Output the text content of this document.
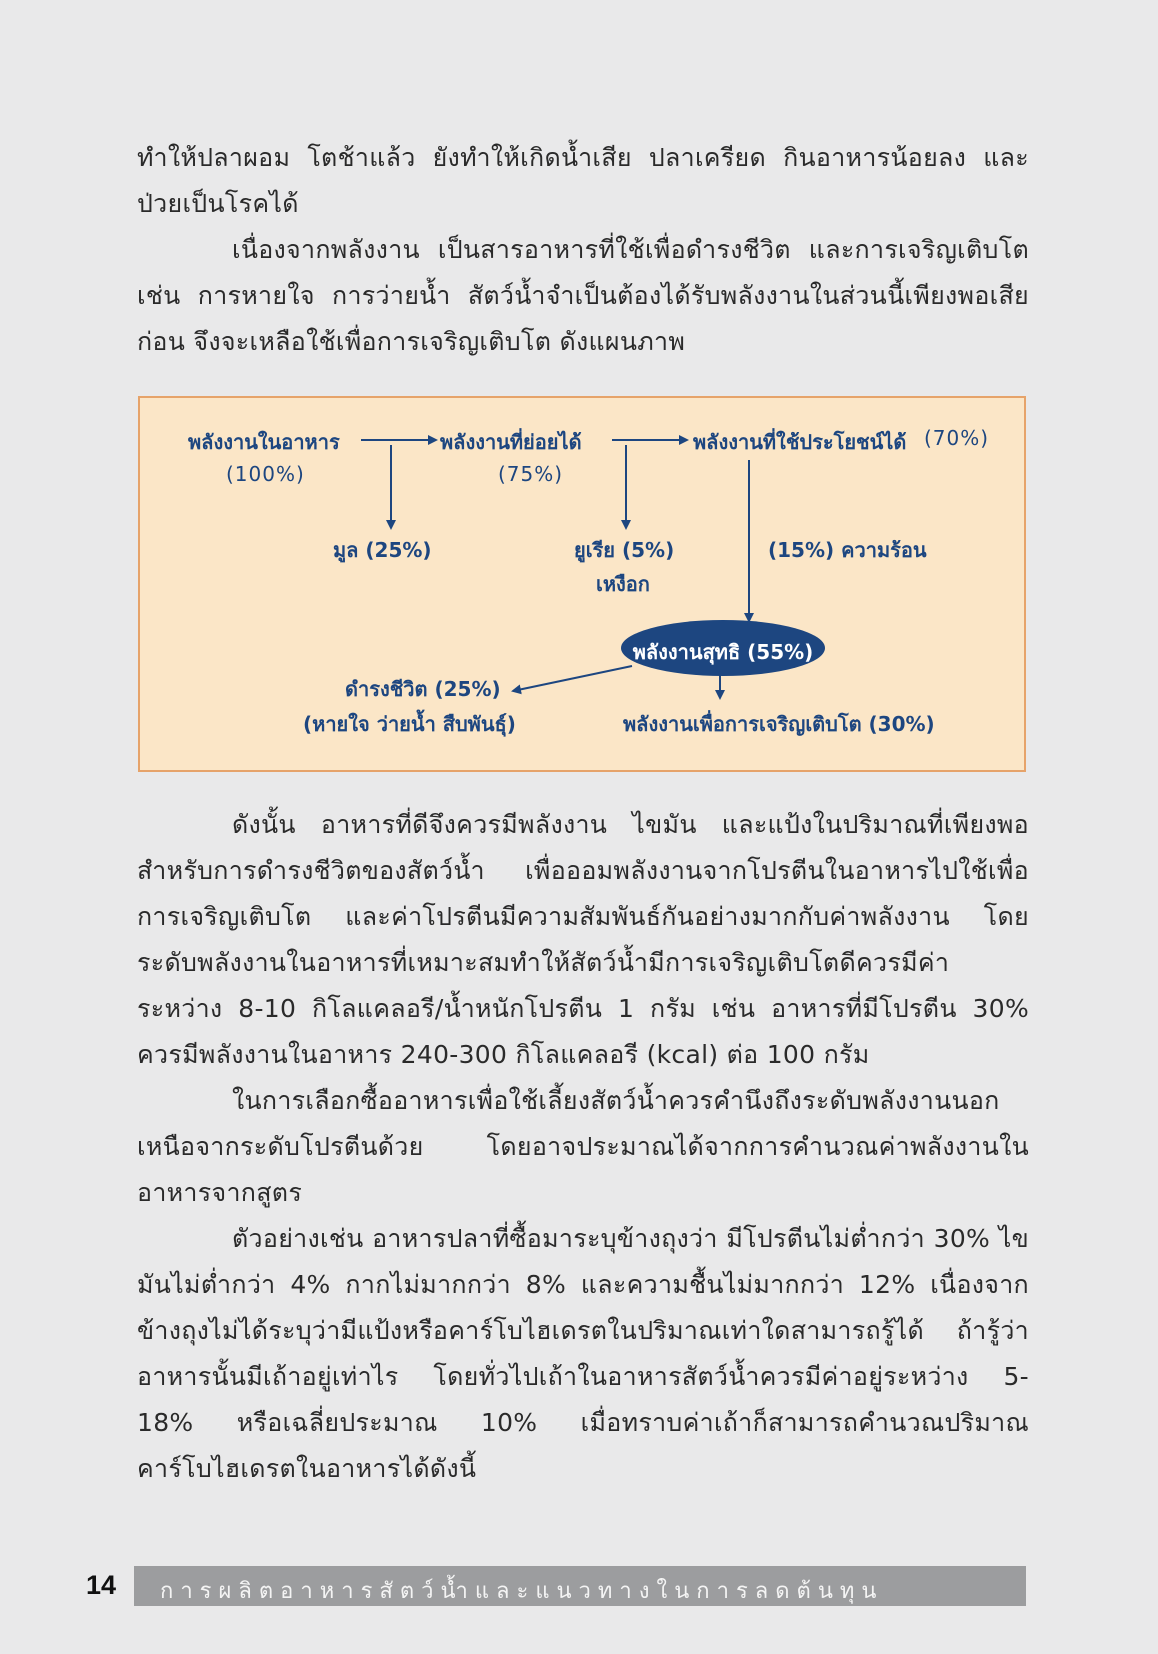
ทำให้ปลาผอม โตช้าแล้ว ยังทำให้เกิดน้ำเสีย ปลาเครียด กินอาหารน้อยลง และป่วยเป็นโรคได้

เนื่องจากพลังงาน เป็นสารอาหารที่ใช้เพื่อดำรงชีวิต และการเจริญเติบโต เช่น การหายใจ การว่ายน้ำ สัตว์น้ำจำเป็นต้องได้รับพลังงานในส่วนนี้เพียงพอเสียก่อน จึงจะเหลือใช้เพื่อการเจริญเติบโต ดังแผนภาพ

พลังงานในอาหาร
(100%)
พลังงานที่ย่อยได้
(75%)
พลังงานที่ใช้ประโยชน์ได้ (70%)
มูล (25%)	ยูเรีย (5%)
เหงือก
(15%) ความร้อน
พลังงานสุทธิ (55%)
ดำรงชีวิต (25%)
(หายใจ ว่ายน้ำ สืบพันธุ์)	พลังงานเพื่อการเจริญเติบโต (30%)

ดังนั้น อาหารที่ดีจึงควรมีพลังงาน ไขมัน และแป้งในปริมาณที่เพียงพอสำหรับการดำรงชีวิตของสัตว์น้ำ เพื่อออมพลังงานจากโปรตีนในอาหารไปใช้เพื่อการเจริญเติบโต และค่าโปรตีนมีความสัมพันธ์กันอย่างมากกับค่าพลังงาน โดยระดับพลังงานในอาหารที่เหมาะสมทำให้สัตว์น้ำมีการเจริญเติบโตดีควรมีค่าระหว่าง 8-10 กิโลแคลอรี/น้ำหนักโปรตีน 1 กรัม เช่น อาหารที่มีโปรตีน 30% ควรมีพลังงานในอาหาร 240-300 กิโลแคลอรี (kcal) ต่อ 100 กรัม

ในการเลือกซื้ออาหารเพื่อใช้เลี้ยงสัตว์น้ำควรคำนึงถึงระดับพลังงานนอกเหนือจากระดับโปรตีนด้วย โดยอาจประมาณได้จากการคำนวณค่าพลังงานในอาหารจากสูตร

ตัวอย่างเช่น อาหารปลาที่ซื้อมาระบุข้างถุงว่า มีโปรตีนไม่ต่ำกว่า 30% ไขมันไม่ต่ำกว่า 4% กากไม่มากกว่า 8% และความชื้นไม่มากกว่า 12% เนื่องจากข้างถุงไม่ได้ระบุว่ามีแป้งหรือคาร์โบไฮเดรตในปริมาณเท่าใดสามารถรู้ได้ ถ้ารู้ว่าอาหารนั้นมีเถ้าอยู่เท่าไร โดยทั่วไปเถ้าในอาหารสัตว์น้ำควรมีค่าอยู่ระหว่าง 5-18% หรือเฉลี่ยประมาณ 10% เมื่อทราบค่าเถ้าก็สามารถคำนวณปริมาณคาร์โบไฮเดรตในอาหารได้ดังนี้

14 การผลิตอาหารสัตว์น้ำและแนวทางในการลดต้นทุน
